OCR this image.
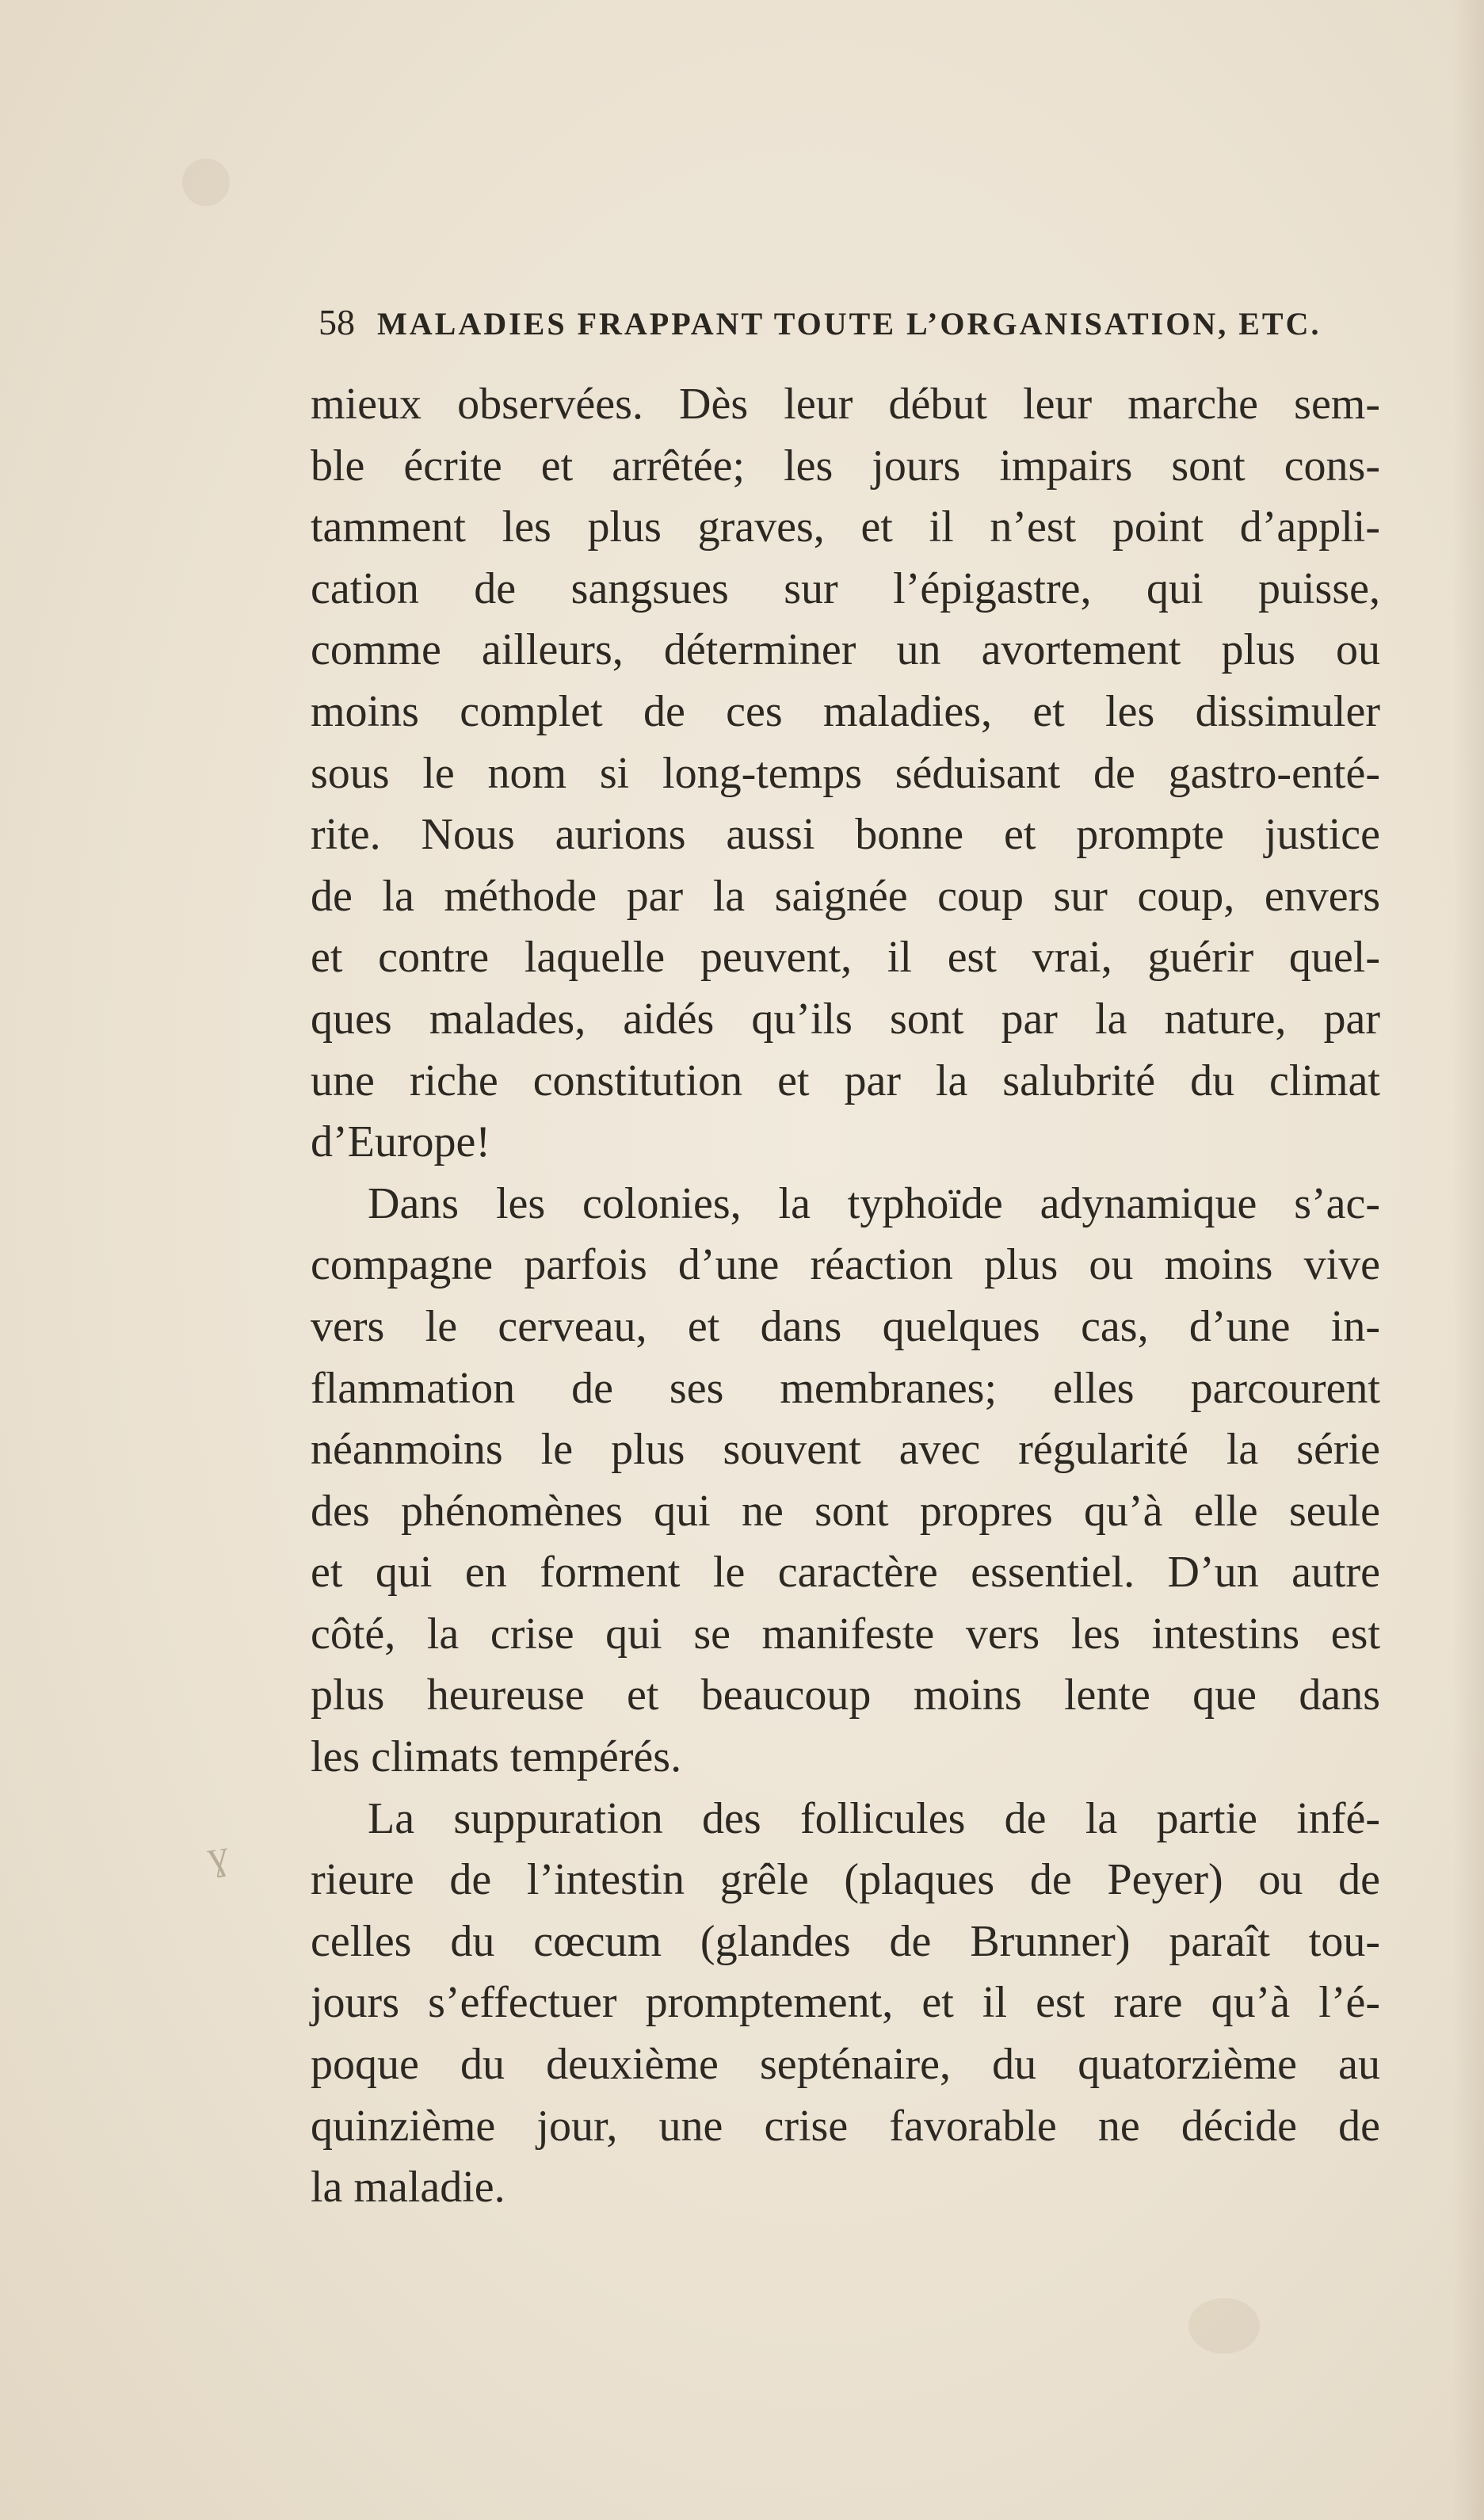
58 MALADIES FRAPPANT TOUTE L’ORGANISATION, ETC.
ɣ
mieux observées. Dès leur début leur marche sem-
ble écrite et arrêtée; les jours impairs sont cons-
tamment les plus graves, et il n’est point d’appli-
cation de sangsues sur l’épigastre, qui puisse,
comme ailleurs, déterminer un avortement plus ou
moins complet de ces maladies, et les dissimuler
sous le nom si long-temps séduisant de gastro-enté-
rite. Nous aurions aussi bonne et prompte justice
de la méthode par la saignée coup sur coup, envers
et contre laquelle peuvent, il est vrai, guérir quel-
ques malades, aidés qu’ils sont par la nature, par
une riche constitution et par la salubrité du climat
d’Europe!
Dans les colonies, la typhoïde adynamique s’ac-
compagne parfois d’une réaction plus ou moins vive
vers le cerveau, et dans quelques cas, d’une in-
flammation de ses membranes; elles parcourent
néanmoins le plus souvent avec régularité la série
des phénomènes qui ne sont propres qu’à elle seule
et qui en forment le caractère essentiel. D’un autre
côté, la crise qui se manifeste vers les intestins est
plus heureuse et beaucoup moins lente que dans
les climats tempérés.
La suppuration des follicules de la partie infé-
rieure de l’intestin grêle (plaques de Peyer) ou de
celles du cœcum (glandes de Brunner) paraît tou-
jours s’effectuer promptement, et il est rare qu’à l’é-
poque du deuxième septénaire, du quatorzième au
quinzième jour, une crise favorable ne décide de
la maladie.
